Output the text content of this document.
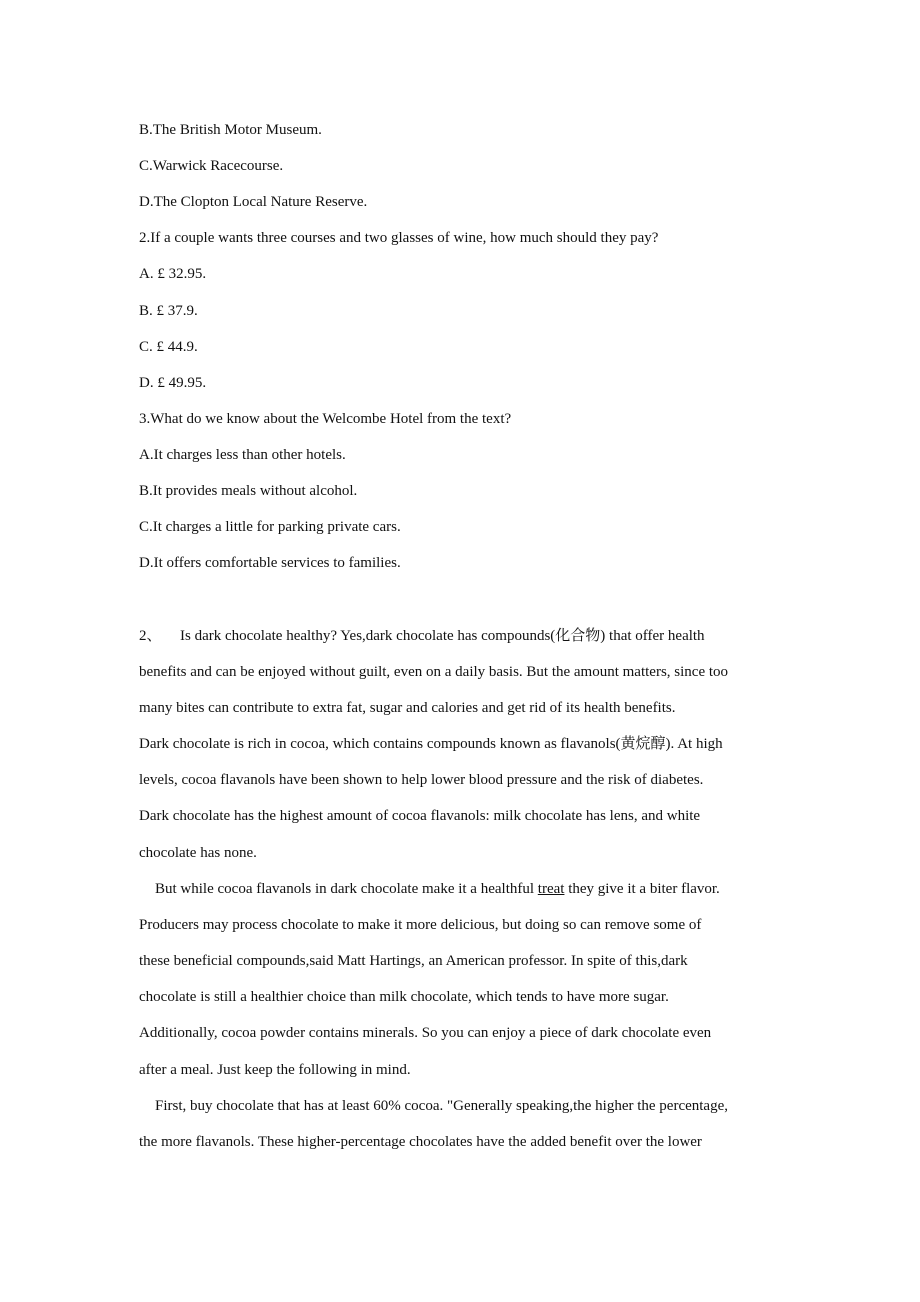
B.The British Motor Museum.
C.Warwick Racecourse.
D.The Clopton Local Nature Reserve.
2.If a couple wants three courses and two glasses of wine, how much should they pay?
A. £ 32.95.
B. £ 37.9.
C. £ 44.9.
D. £ 49.95.
3.What do we know about the Welcombe Hotel from the text?
A.It charges less than other hotels.
B.It provides meals without alcohol.
C.It charges a little for parking private cars.
D.It offers comfortable services to families.
2、 Is dark chocolate healthy? Yes,dark chocolate has compounds(化合物) that offer health
benefits and can be enjoyed without guilt, even on a daily basis. But the amount matters, since too
many bites can contribute to extra fat, sugar and calories and get rid of its health benefits.
Dark chocolate is rich in cocoa, which contains compounds known as flavanols(黄烷醇). At high
levels, cocoa flavanols have been shown to help lower blood pressure and the risk of diabetes.
Dark chocolate has the highest amount of cocoa flavanols: milk chocolate has lens, and white
chocolate has none.
But while cocoa flavanols in dark chocolate make it a healthful treat they give it a biter flavor.
Producers may process chocolate to make it more delicious, but doing so can remove some of
these beneficial compounds,said Matt Hartings, an American professor. In spite of this,dark
chocolate is still a healthier choice than milk chocolate, which tends to have more sugar.
Additionally, cocoa powder contains minerals. So you can enjoy a piece of dark chocolate even
after a meal. Just keep the following in mind.
First, buy chocolate that has at least 60% cocoa. "Generally speaking,the higher the percentage,
the more flavanols. These higher-percentage chocolates have the added benefit over the lower
